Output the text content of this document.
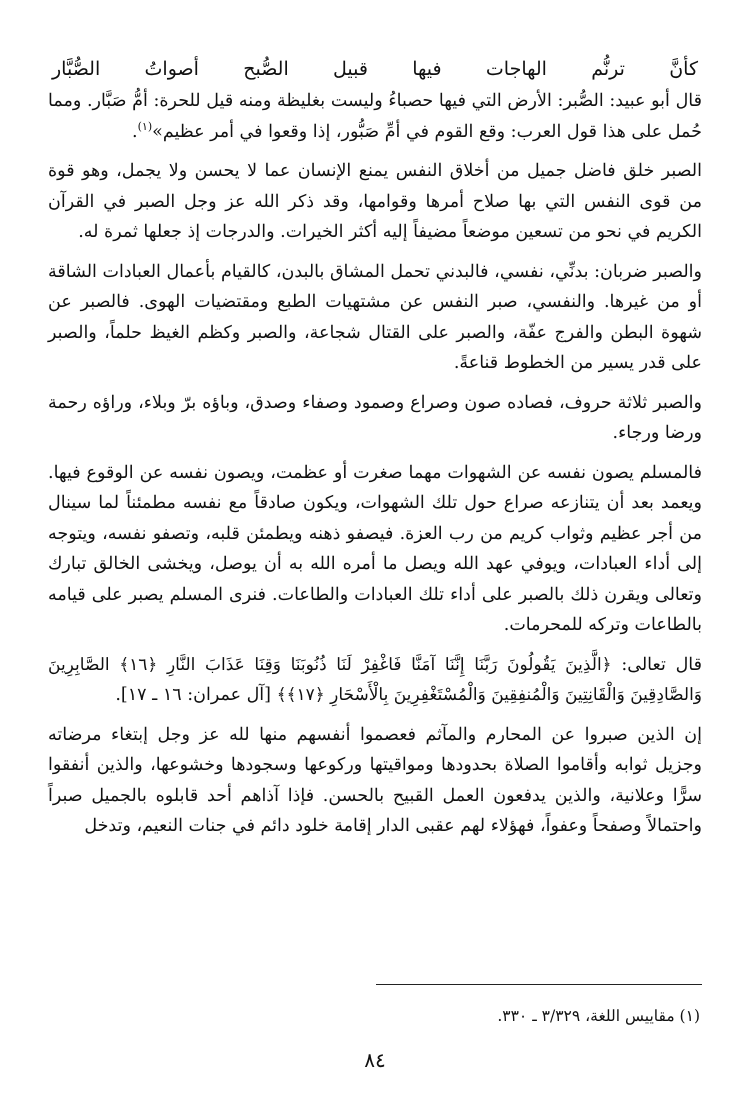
كأنَّ ترنُّم الهاجات فيها قبيل الصُّبح أصواتُ الصُّبَّار

قال أبو عبيد: الصُّبر: الأرض التي فيها حصباءُ وليست بغليظة ومنه قيل للحرة: أمُّ صَبَّار. ومما حُمل على هذا قول العرب: وقع القوم في أمِّ صَبُّور، إذا وقعوا في أمر عظيم»$^{(١)}$.

الصبر خلق فاضل جميل من أخلاق النفس يمنع الإنسان عما لا يحسن ولا يجمل، وهو قوة من قوى النفس التي بها صلاح أمرها وقوامها، وقد ذكر الله عز وجل الصبر في القرآن الكريم في نحو من تسعين موضعاً مضيفاً إليه أكثر الخيرات. والدرجات إذ جعلها ثمرة له.

والصبر ضربان: بدنِّي، نفسي، فالبدني تحمل المشاق بالبدن، كالقيام بأعمال العبادات الشاقة أو من غيرها. والنفسي، صبر النفس عن مشتهيات الطبع ومقتضيات الهوى. فالصبر عن شهوة البطن والفرج عفّة، والصبر على القتال شجاعة، والصبر وكظم الغيظ حلماً، والصبر على قدر يسير من الخطوط قناعةً.

والصبر ثلاثة حروف، فصاده صون وصراع وصمود وصفاء وصدق، وباؤه برّ وبلاء، وراؤه رحمة ورضا ورجاء.

فالمسلم يصون نفسه عن الشهوات مهما صغرت أو عظمت، ويصون نفسه عن الوقوع فيها. ويعمد بعد أن يتنازعه صراع حول تلك الشهوات، ويكون صادقاً مع نفسه مطمئناً لما سينال من أجر عظيم وثواب كريم من رب العزة. فيصفو ذهنه ويطمئن قلبه، وتصفو نفسه، ويتوجه إلى أداء العبادات، ويوفي عهد الله ويصل ما أمره الله به أن يوصل، ويخشى الخالق تبارك وتعالى ويقرن ذلك بالصبر على أداء تلك العبادات والطاعات. فنرى المسلم يصبر على قيامه بالطاعات وتركه للمحرمات.

قال تعالى: ﴿الَّذِينَ يَقُولُونَ رَبَّنَا إِنَّنَا آمَنَّا فَاغْفِرْ لَنَا ذُنُوبَنَا وَقِنَا عَذَابَ النَّارِ ﴿١٦﴾ الصَّابِرِينَ وَالصَّادِقِينَ وَالْقَانِتِينَ وَالْمُنفِقِينَ وَالْمُسْتَغْفِرِينَ بِالْأَسْحَارِ ﴿١٧﴾﴾ [آل عمران: ١٦ ـ ١٧].

إن الذين صبروا عن المحارم والمآثم فعصموا أنفسهم منها لله عز وجل إبتغاء مرضاته وجزيل ثوابه وأقاموا الصلاة بحدودها ومواقيتها وركوعها وسجودها وخشوعها، والذين أنفقوا سرًّا وعلانية، والذين يدفعون العمل القبيح بالحسن. فإذا آذاهم أحد قابلوه بالجميل صبراً واحتمالاً وصفحاً وعفواً، فهؤلاء لهم عقبى الدار إقامة خلود دائم في جنات النعيم، وتدخل

(١) مقاييس اللغة، ٣/٣٢٩ ـ ٣٣٠.
٨٤
